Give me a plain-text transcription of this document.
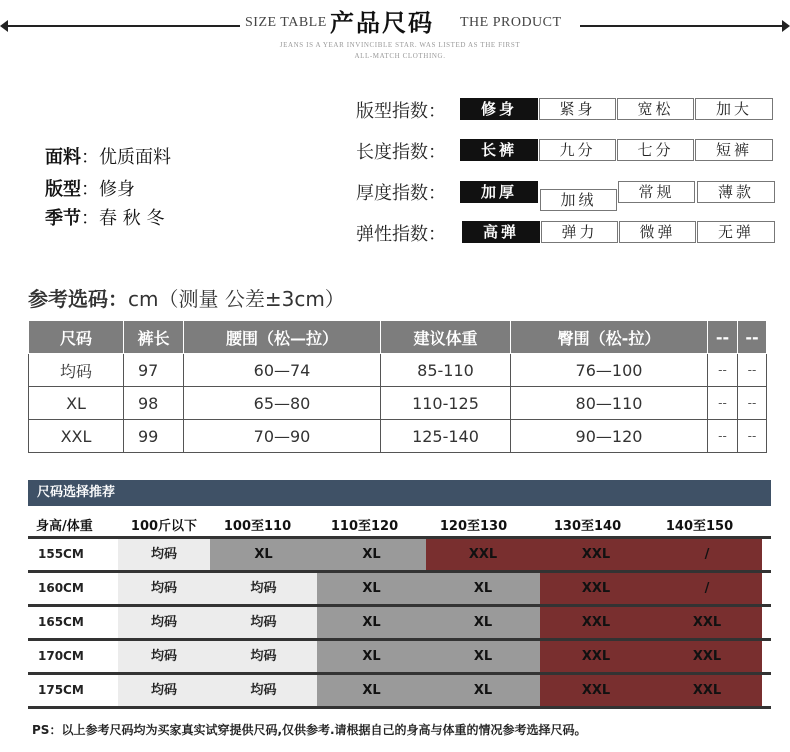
SIZE TABLE 产品尺码 THE PRODUCT
JEANS IS A YEAR INVINCIBLE STAR. WAS LISTED AS THE FIRST
ALL-MATCH CLOTHING.
面料：优质面料
版型：修身
季节：春 秋 冬
版型指数：	修身	紧身	宽松	加大
长度指数：	长裤	九分	七分	短裤
厚度指数：	加厚	加绒	常规	薄款
弹性指数：	高弹	弹力	微弹	无弹
参考选码：cm（测量 公差±3cm）
尺码	裤长	腰围（松—拉）	建议体重	臀围（松-拉）	--	--
均码	97	60—74	85-110	76—100	--	--
XL	98	65—80	110-125	80—110	--	--
XXL	99	70—90	125-140	90—120	--	--
尺码选择推荐
身高/体重	100斤以下	100至110	110至120	120至130	130至140	140至150
155CM	均码	XL	XL	XXL	XXL	/
160CM	均码	均码	XL	XL	XXL	/
165CM	均码	均码	XL	XL	XXL	XXL
170CM	均码	均码	XL	XL	XXL	XXL
175CM	均码	均码	XL	XL	XXL	XXL
PS：以上参考尺码均为买家真实试穿提供尺码,仅供参考.请根据自己的身高与体重的情况参考选择尺码。
